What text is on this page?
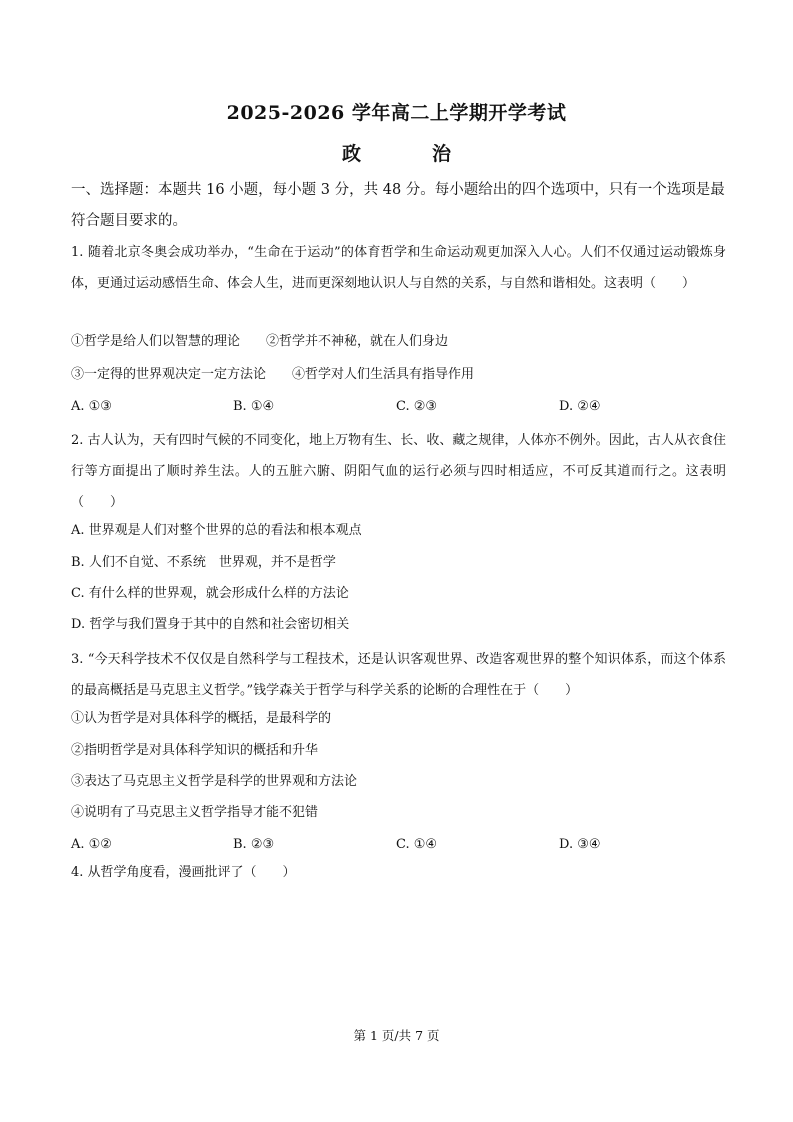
2025-2026 学年高二上学期开学考试
政　治
一、选择题：本题共 16 小题，每小题 3 分，共 48 分。每小题给出的四个选项中，只有一个选项是最符合题目要求的。
1. 随着北京冬奥会成功举办，“生命在于运动”的体育哲学和生命运动观更加深入人心。人们不仅通过运动锻炼身体，更通过运动感悟生命、体会人生，进而更深刻地认识人与自然的关系，与自然和谐相处。这表明（　　）
①哲学是给人们以智慧的理论　　②哲学并不神秘，就在人们身边
③一定得的世界观决定一定方法论　　④哲学对人们生活具有指导作用
A. ①③	B. ①④	C. ②③	D. ②④
2. 古人认为，天有四时气候的不同变化，地上万物有生、长、收、藏之规律，人体亦不例外。因此，古人从衣食住行等方面提出了顺时养生法。人的五脏六腑、阴阳气血的运行必须与四时相适应，不可反其道而行之。这表明（　　）
A. 世界观是人们对整个世界的总的看法和根本观点
B. 人们不自觉、不系统　世界观，并不是哲学
C. 有什么样的世界观，就会形成什么样的方法论
D. 哲学与我们置身于其中的自然和社会密切相关
3. “今天科学技术不仅仅是自然科学与工程技术，还是认识客观世界、改造客观世界的整个知识体系，而这个体系的最高概括是马克思主义哲学。”钱学森关于哲学与科学关系的论断的合理性在于（　　）
①认为哲学是对具体科学的概括，是最科学的
②指明哲学是对具体科学知识的概括和升华
③表达了马克思主义哲学是科学的世界观和方法论
④说明有了马克思主义哲学指导才能不犯错
A. ①②	B. ②③	C. ①④	D. ③④
4. 从哲学角度看，漫画批评了（　　）
第 1 页/共 7 页
